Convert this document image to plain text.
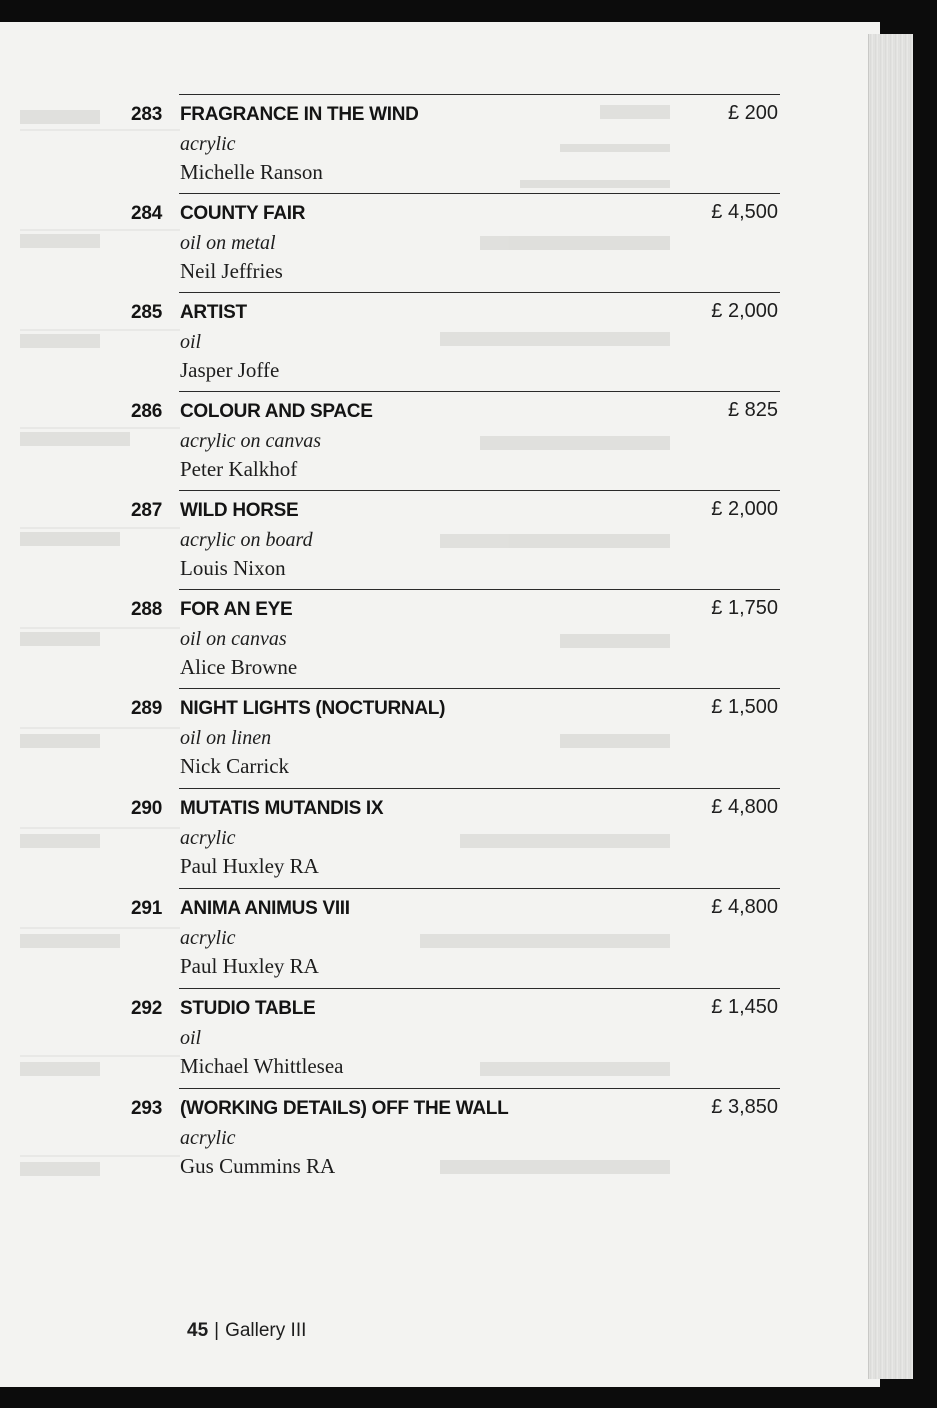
283 FRAGRANCE IN THE WIND
acrylic
Michelle Ranson
£ 200
284 COUNTY FAIR
oil on metal
Neil Jeffries
£ 4,500
285 ARTIST
oil
Jasper Joffe
£ 2,000
286 COLOUR AND SPACE
acrylic on canvas
Peter Kalkhof
£ 825
287 WILD HORSE
acrylic on board
Louis Nixon
£ 2,000
288 FOR AN EYE
oil on canvas
Alice Browne
£ 1,750
289 NIGHT LIGHTS (NOCTURNAL)
oil on linen
Nick Carrick
£ 1,500
290 MUTATIS MUTANDIS IX
acrylic
Paul Huxley RA
£ 4,800
291 ANIMA ANIMUS VIII
acrylic
Paul Huxley RA
£ 4,800
292 STUDIO TABLE
oil
Michael Whittlesea
£ 1,450
293 (WORKING DETAILS) OFF THE WALL
acrylic
Gus Cummins RA
£ 3,850
45 | Gallery III
